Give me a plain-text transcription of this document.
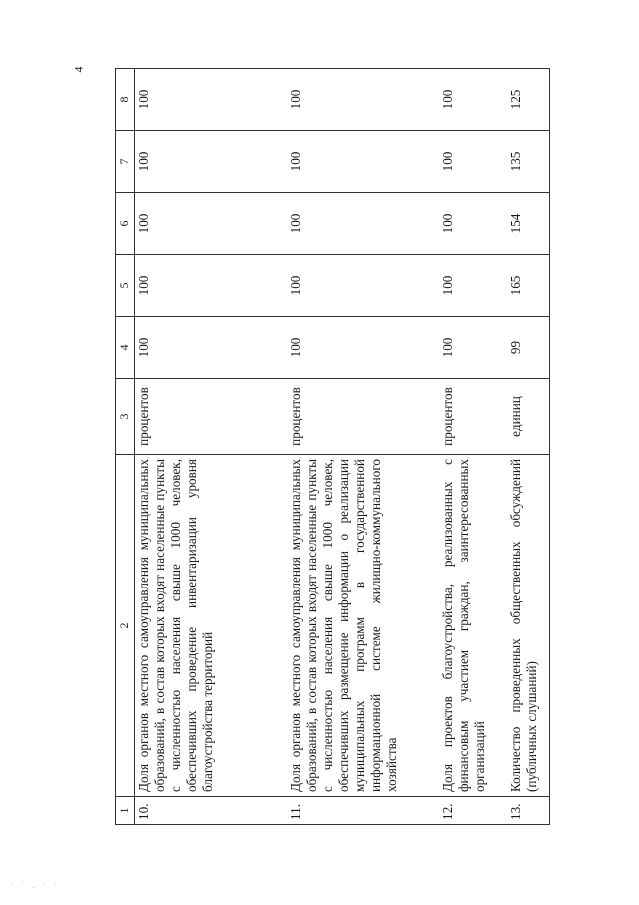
4
1	2	3	4	5	6	7	8
10.	Доля органов местного самоуправления муниципальных образований, в состав которых входят населенные пункты с численностью населения свыше 1000 человек, обеспечивших проведение инвентаризации уровня благоустройства территорий	процентов	100	100	100	100	100
11.	Доля органов местного самоуправления муниципальных образований, в состав которых входят населенные пункты с численностью населения свыше 1000 человек, обеспечивших размещение информации о реализации муниципальных программ в государственной информационной системе жилищно-коммунального хозяйства	процентов	100	100	100	100	100
12.	Доля проектов благоустройства, реализованных с финансовым участием граждан, заинтересованных организаций	процентов	100	100	100	100	100
13.	Количество проведенных общественных обсуждений (публичных слушаний)	единиц	99	165	154	135	125
· ˙ . · ·
